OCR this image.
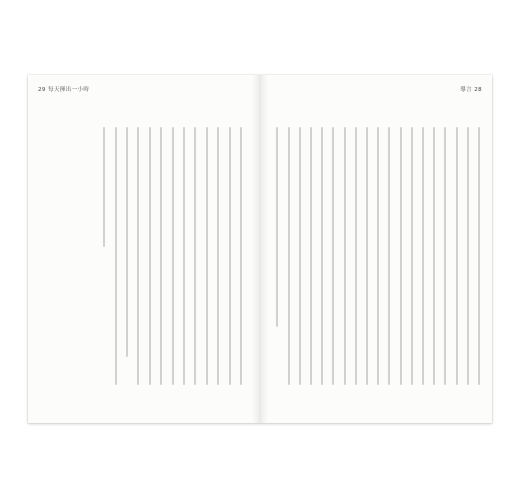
29 每天揮出一小時	導言 28
